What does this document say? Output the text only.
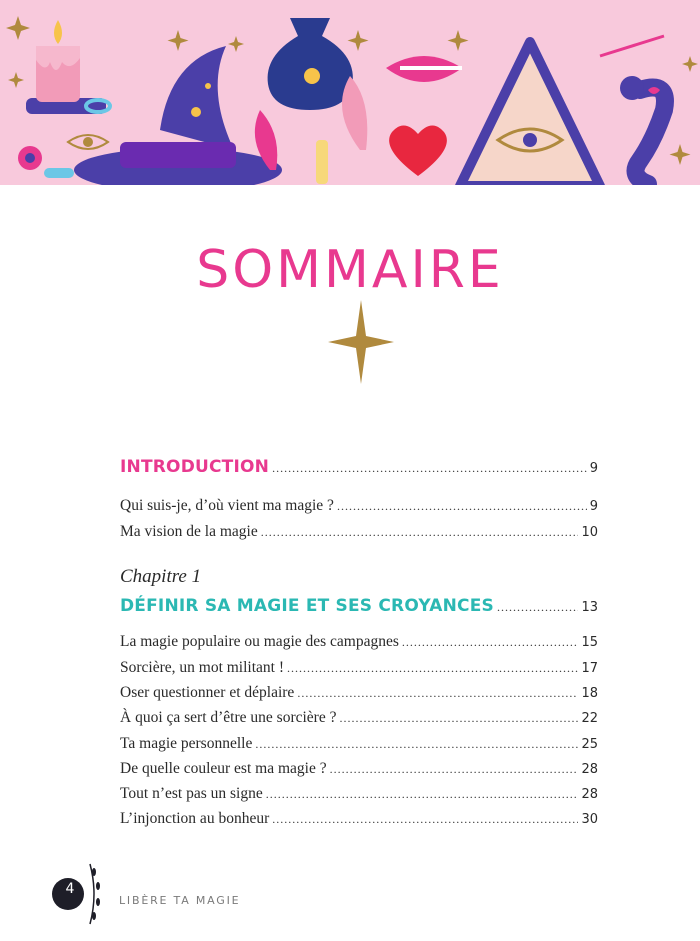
SOMMAIRE
INTRODUCTION . . .	9
Qui suis-je, d’où vient ma magie ? . . .	9
Ma vision de la magie . . .	10
DÉFINIR SA MAGIE ET SES CROYANCES . . .	13
La magie populaire ou magie des campagnes . . .	15
Sorcière, un mot militant ! . . .	17
Oser questionner et déplaire . . .	18
À quoi ça sert d’être une sorcière ? . . .	22
Ta magie personnelle . . .	25
De quelle couleur est ma magie ? . . .	28
Tout n’est pas un signe . . .	28
L’injonction au bonheur . . .	30
Chapitre 1
4
LIBÈRE TA MAGIE
